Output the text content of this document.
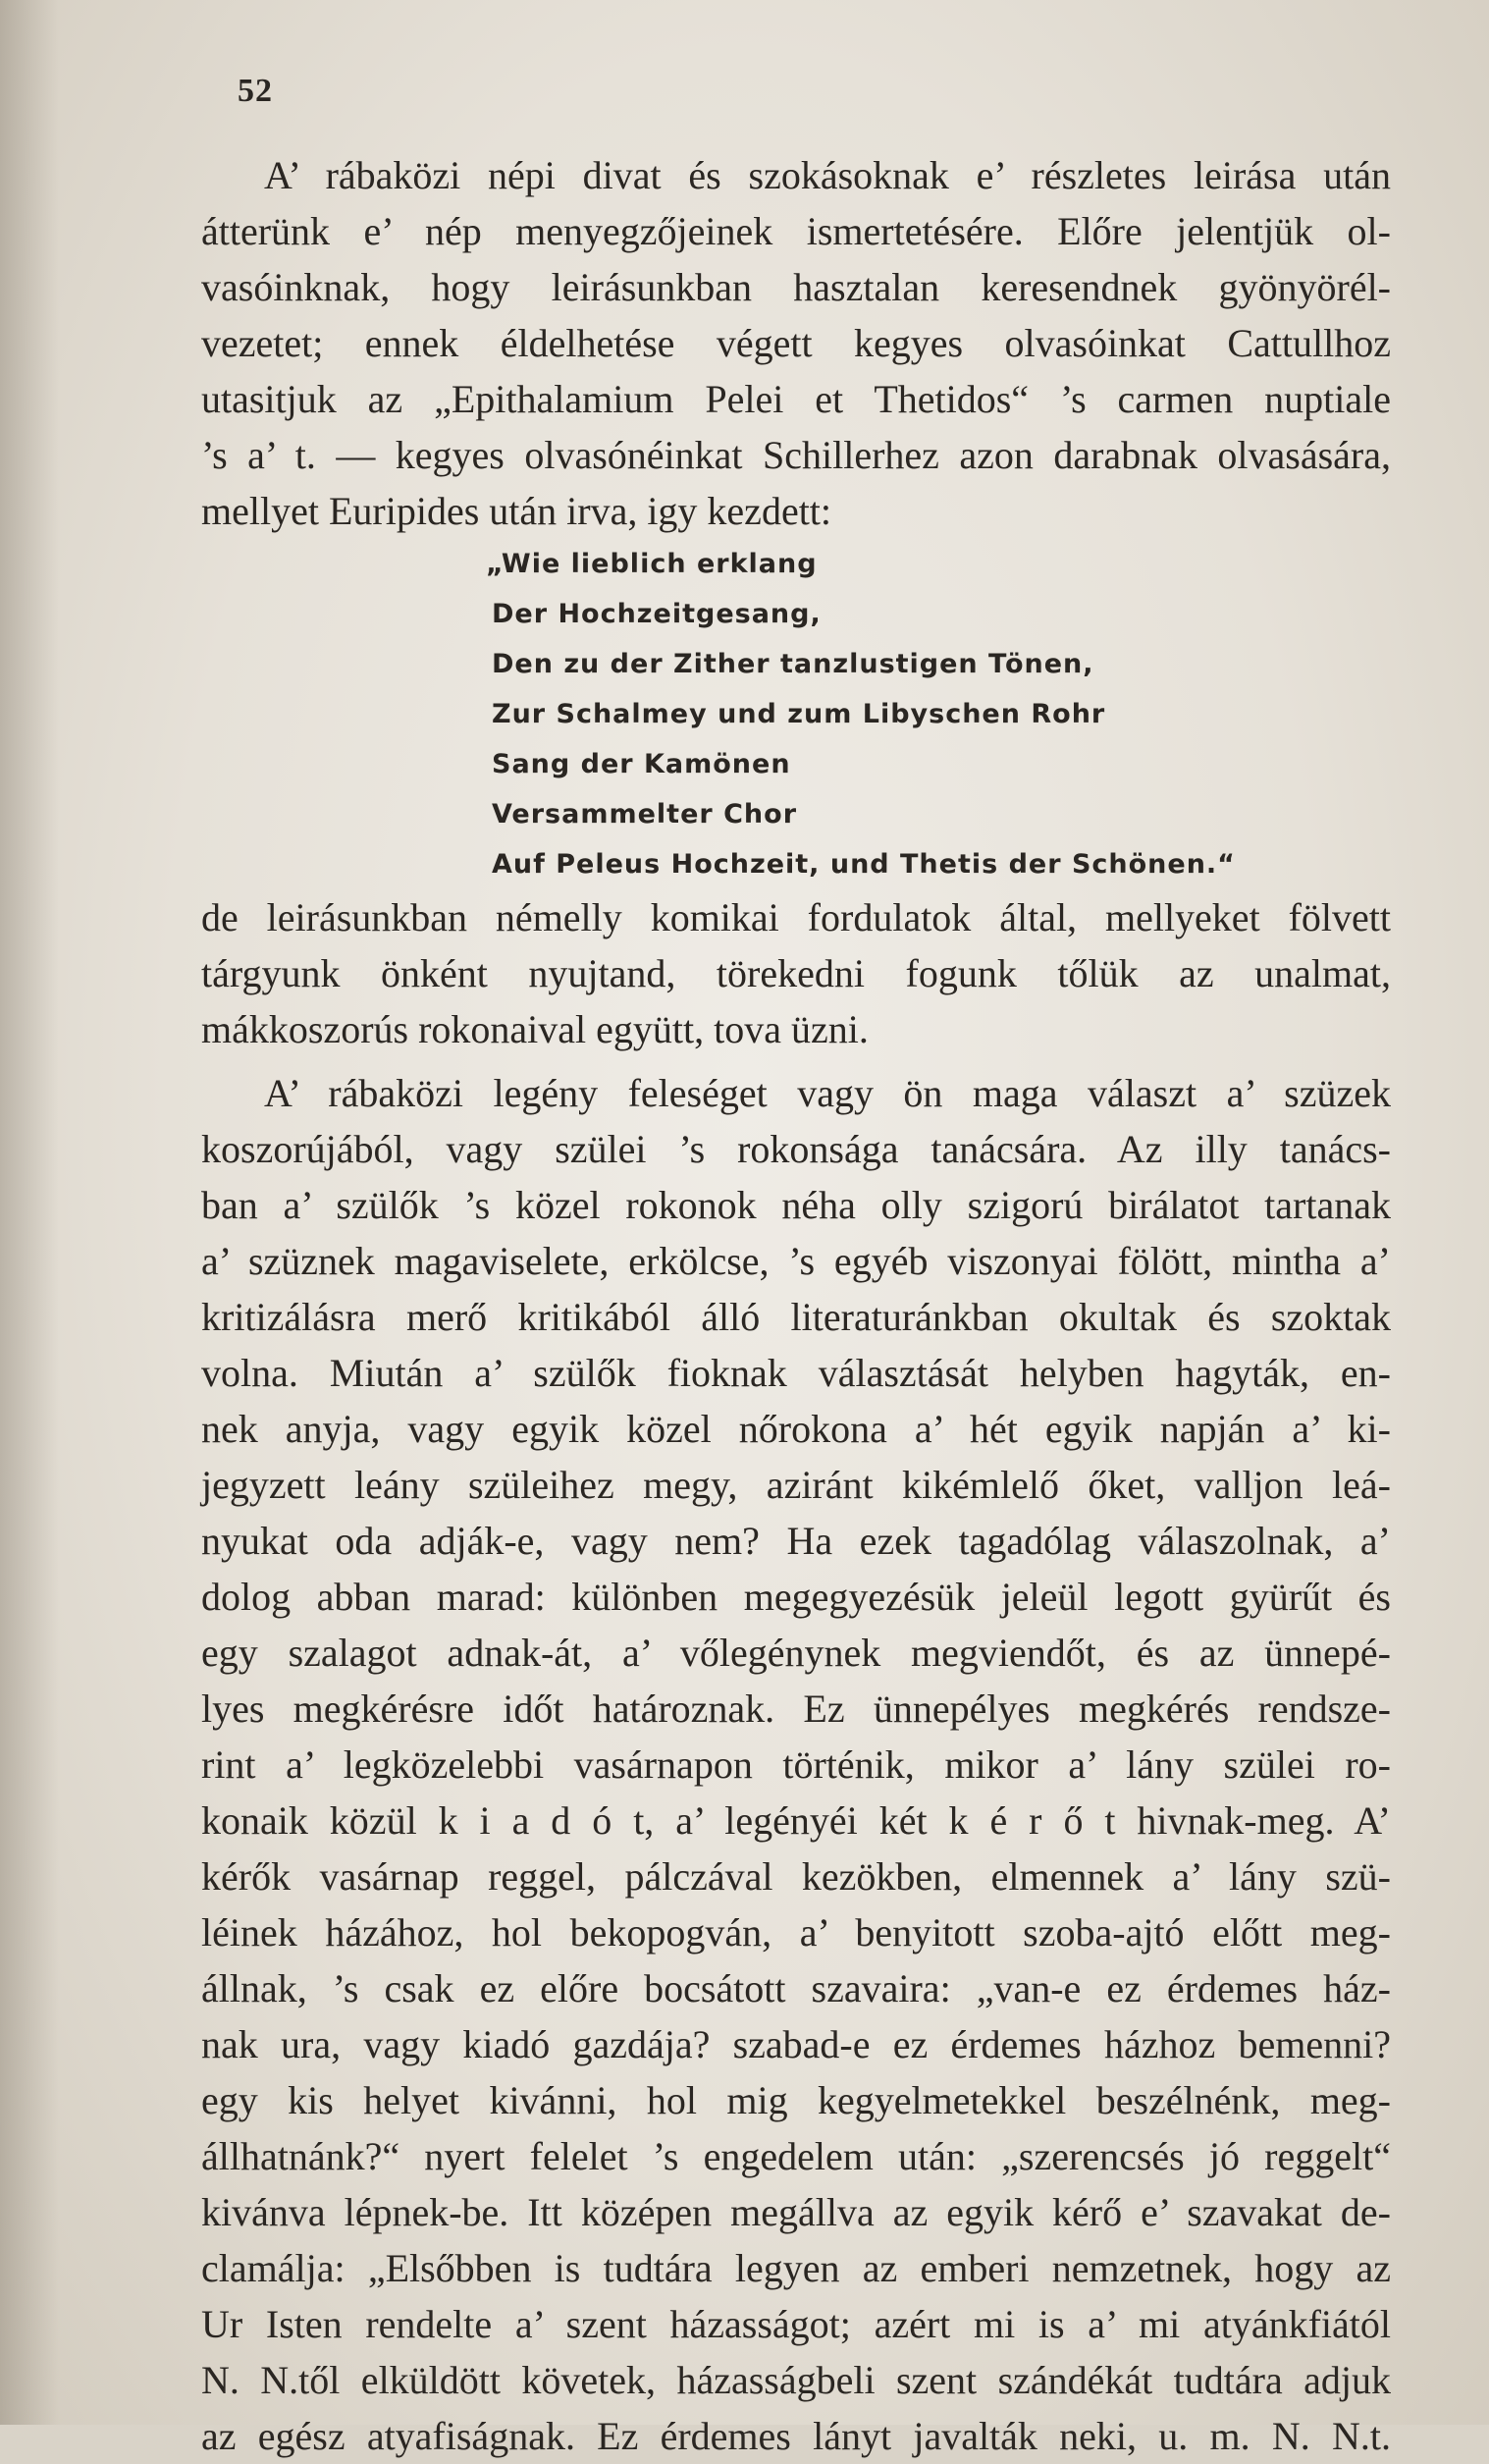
52
A’ rábaközi népi divat és szokásoknak e’ részletes leirása után
átterünk e’ nép menyegzőjeinek ismertetésére. Előre jelentjük ol-
vasóinknak, hogy leirásunkban hasztalan keresendnek gyönyörél-
vezetet; ennek éldelhetése végett kegyes olvasóinkat Cattullhoz
utasitjuk az „Epithalamium Pelei et Thetidos“ ’s carmen nuptiale
’s a’ t. — kegyes olvasónéinkat Schillerhez azon darabnak olvasására,
mellyet Euripides után irva, igy kezdett:
„Wie lieblich erklang
Der Hochzeitgesang,
Den zu der Zither tanzlustigen Tönen,
Zur Schalmey und zum Libyschen Rohr
Sang der Kamönen
Versammelter Chor
Auf Peleus Hochzeit, und Thetis der Schönen.“
de leirásunkban némelly komikai fordulatok által, mellyeket fölvett
tárgyunk önként nyujtand, törekedni fogunk tőlük az unalmat,
mákkoszorús rokonaival együtt, tova üzni.
A’ rábaközi legény feleséget vagy ön maga választ a’ szüzek
koszorújából, vagy szülei ’s rokonsága tanácsára. Az illy tanács-
ban a’ szülők ’s közel rokonok néha olly szigorú birálatot tartanak
a’ szüznek magaviselete, erkölcse, ’s egyéb viszonyai fölött, mintha a’
kritizálásra merő kritikából álló literaturánkban okultak és szoktak
volna. Miután a’ szülők fioknak választását helyben hagyták, en-
nek anyja, vagy egyik közel nőrokona a’ hét egyik napján a’ ki-
jegyzett leány szüleihez megy, aziránt kikémlelő őket, valljon leá-
nyukat oda adják-e, vagy nem? Ha ezek tagadólag válaszolnak, a’
dolog abban marad: különben megegyezésük jeleül legott gyürűt és
egy szalagot adnak-át, a’ vőlegénynek megviendőt, és az ünnepé-
lyes megkérésre időt határoznak. Ez ünnepélyes megkérés rendsze-
rint a’ legközelebbi vasárnapon történik, mikor a’ lány szülei ro-
konaik közül k i a d ó t, a’ legényéi két k é r ő t hivnak-meg. A’
kérők vasárnap reggel, pálczával kezökben, elmennek a’ lány szü-
léinek házához, hol bekopogván, a’ benyitott szoba-ajtó előtt meg-
állnak, ’s csak ez előre bocsátott szavaira: „van-e ez érdemes ház-
nak ura, vagy kiadó gazdája? szabad-e ez érdemes házhoz bemenni?
egy kis helyet kivánni, hol mig kegyelmetekkel beszélnénk, meg-
állhatnánk?“ nyert felelet ’s engedelem után: „szerencsés jó reggelt“
kivánva lépnek-be. Itt középen megállva az egyik kérő e’ szavakat de-
clamálja: „Elsőbben is tudtára legyen az emberi nemzetnek, hogy az
Ur Isten rendelte a’ szent házasságot; azért mi is a’ mi atyánkfiától
N. N.től elküldött követek, házasságbeli szent szándékát tudtára adjuk
az egész atyafiságnak. Ez érdemes lányt javalták neki, u. m. N. N.t.
